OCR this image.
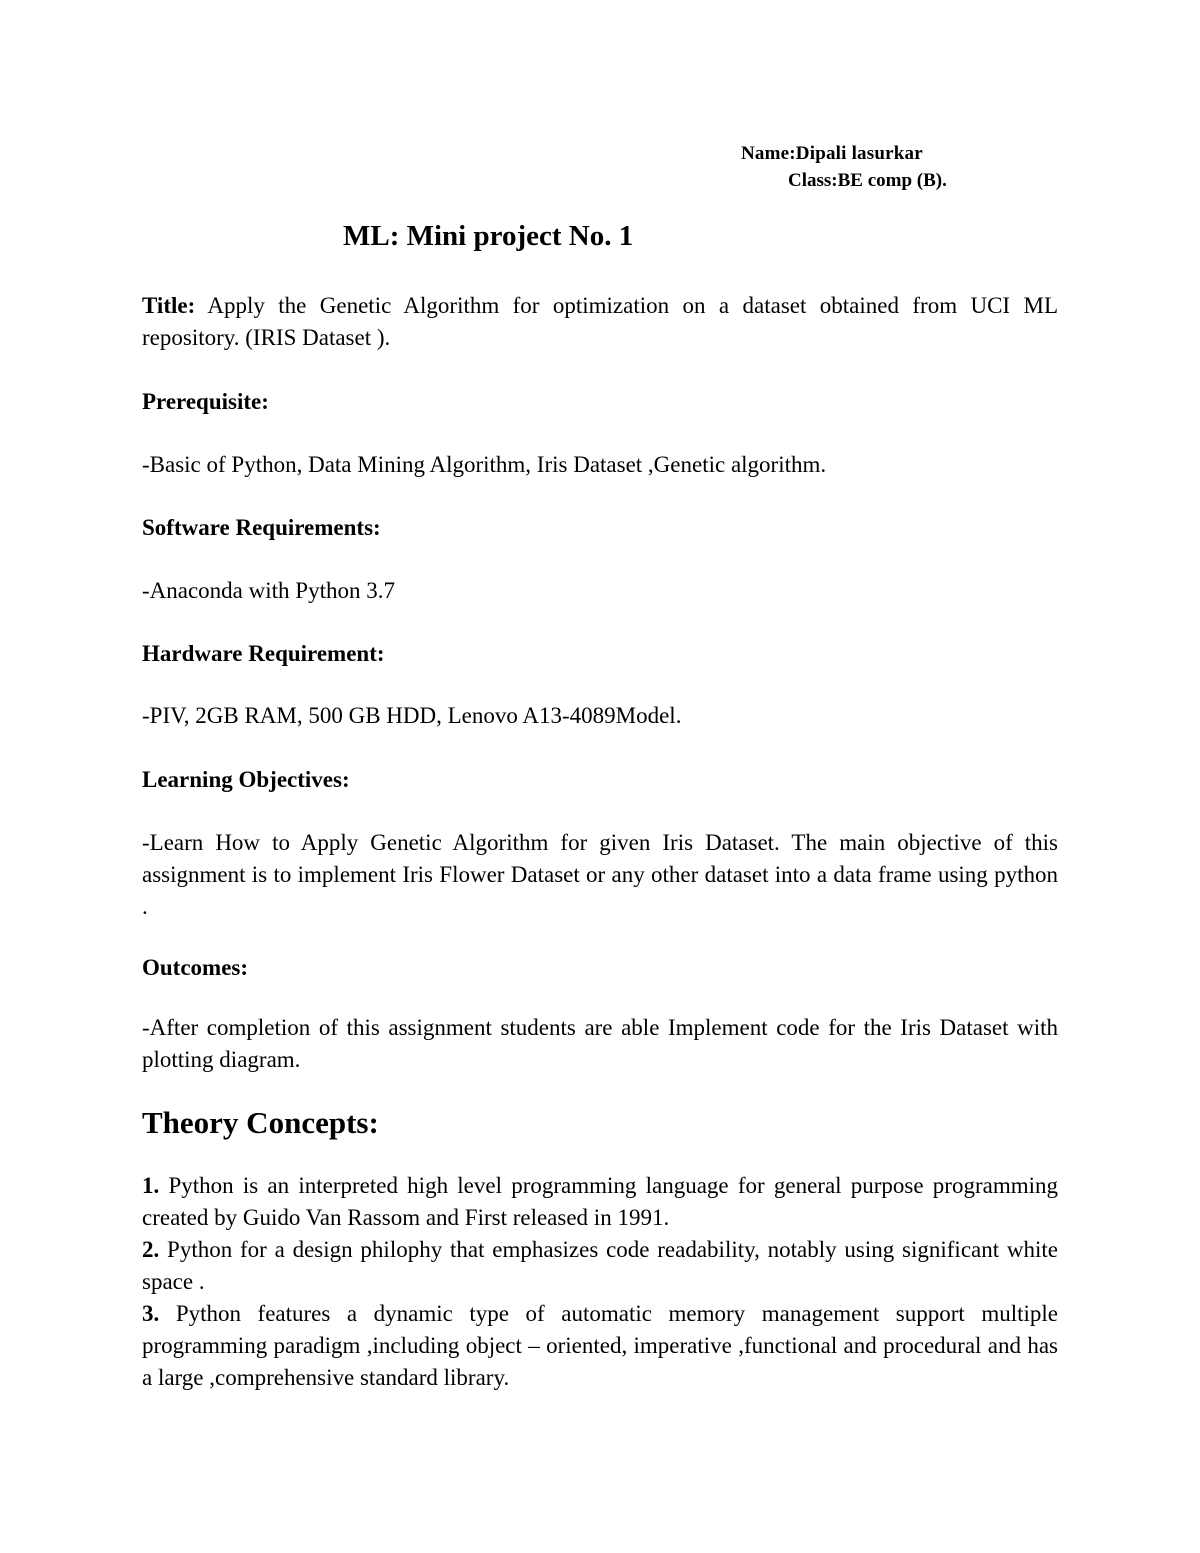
Name:Dipali lasurkar
Class:BE comp (B).
ML: Mini project No. 1
Title: Apply the Genetic Algorithm for optimization on a dataset obtained from UCI ML repository. (IRIS Dataset ).
Prerequisite:
-Basic of Python, Data Mining Algorithm, Iris Dataset ,Genetic algorithm.
Software Requirements:
-Anaconda with Python 3.7
Hardware Requirement:
-PIV, 2GB RAM, 500 GB HDD, Lenovo A13-4089Model.
Learning Objectives:
-Learn How to Apply Genetic Algorithm for given Iris Dataset. The main objective of this assignment is to implement Iris Flower Dataset or any other dataset into a data frame using python .
Outcomes:
-After completion of this assignment students are able Implement code for the Iris Dataset with plotting diagram.
Theory Concepts:
1. Python is an interpreted high level programming language for general purpose programming created by Guido Van Rassom and First released in 1991.
2. Python for a design philophy that emphasizes code readability, notably using significant white space .
3. Python features a dynamic type of automatic memory management support multiple programming paradigm ,including object – oriented, imperative ,functional and procedural and has a large ,comprehensive standard library.
